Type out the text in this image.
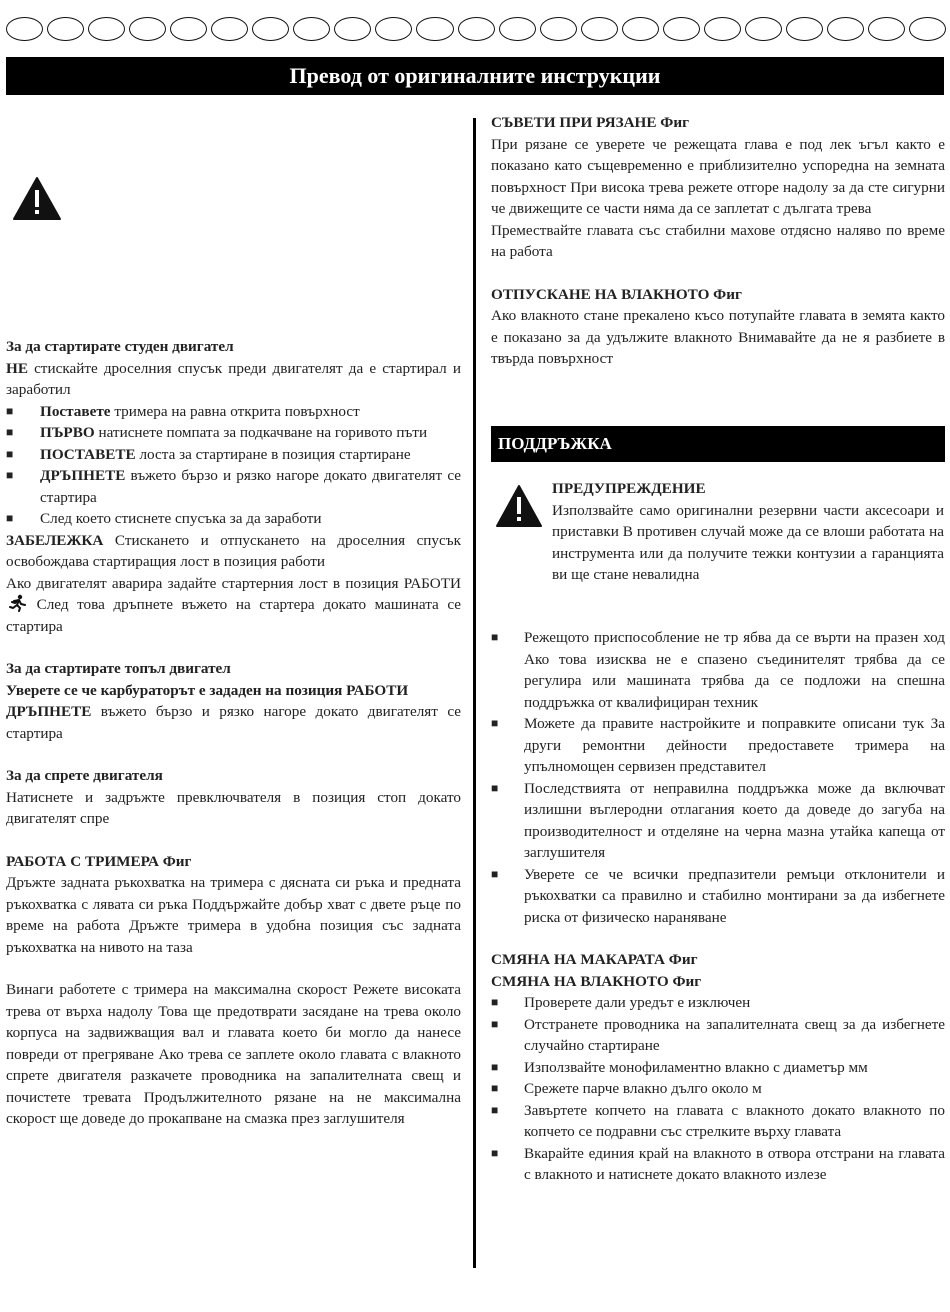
Превод от оригиналните инструкции

За да стартирате студен двигател

НЕ стискайте дроселния спусък преди двигателят да е стартирал и заработил

■ Поставете тримера на равна открита повърхност
■ ПЪРВО натиснете помпата за подкачване на горивото пъти
■ ПОСТАВЕТЕ лоста за стартиране в позиция стартиране
■ ДРЪПНЕТЕ въжето бързо и рязко нагоре докато двигателят се стартира
■ След което стиснете спусъка за да заработи

ЗАБЕЛЕЖКА Стискането и отпускането на дроселния спусък освобождава стартиращия лост в позиция работи

Ако двигателят аварира задайте стартерния лост в позиция РАБОТИ  След това дръпнете въжето на стартера докато машината се стартира

За да стартирате топъл двигател

Уверете се че карбураторът е зададен на позиция РАБОТИ

ДРЪПНЕТЕ въжето бързо и рязко нагоре докато двигателят се стартира

За да спрете двигателя

Натиснете и задръжте превключвателя в позиция стоп докато двигателят спре

РАБОТА С ТРИМЕРА Фиг

Дръжте задната ръкохватка на тримера с дясната си ръка и предната ръкохватка с лявата си ръка Поддържайте добър хват с двете ръце по време на работа Дръжте тримера в удобна позиция със задната ръкохватка на нивото на таза

Винаги работете с тримера на максимална скорост Режете високата трева от върха надолу Това ще предотврати засядане на трева около корпуса на задвижващия вал и главата което би могло да нанесе повреди от прегряване Ако трева се заплете около главата с влакното спрете двигателя разкачете проводника на запалителната свещ и почистете тревата Продължителното рязане на не максимална скорост ще доведе до прокапване на смазка през заглушителя

СЪВЕТИ ПРИ РЯЗАНЕ Фиг

При рязане се уверете че режещата глава е под лек ъгъл както е показано като същевременно е приблизително успоредна на земната повърхност При висока трева режете отгоре надолу за да сте сигурни че движещите се части няма да се заплетат с дългата трева

Премествайте главата със стабилни махове отдясно наляво по време на работа

ОТПУСКАНЕ НА ВЛАКНОТО Фиг

Ако влакното стане прекалено късо потупайте главата в земята както е показано за да удължите влакното Внимавайте да не я разбиете в твърда повърхност

ПОДДРЪЖКА

ПРЕДУПРЕЖДЕНИЕ

Използвайте само оригинални резервни части аксесоари и приставки В противен случай може да се влоши работата на инструмента или да получите тежки контузии а гаранцията ви ще стане невалидна

■ Режещото приспособление не тр ябва да се върти на празен ход Ако това изисква не е спазено съединителят трябва да се регулира или машината трябва да се подложи на спешна поддръжка от квалифициран техник
■ Можете да правите настройките и поправките описани тук За други ремонтни дейности предоставете тримера на упълномощен сервизен представител
■ Последствията от неправилна поддръжка може да включват излишни въглеродни отлагания което да доведе до загуба на производителност и отделяне на черна мазна утайка капеща от заглушителя
■ Уверете се че всички предпазители ремъци отклонители и ръкохватки са правилно и стабилно монтирани за да избегнете риска от физическо нараняване

СМЯНА НА МАКАРАТА Фиг

СМЯНА НА ВЛАКНОТО Фиг

■ Проверете дали уредът е изключен
■ Отстранете проводника на запалителната свещ за да избегнете случайно стартиране
■ Използвайте монофиламентно влакно с диаметър мм
■ Срежете парче влакно дълго около м
■ Завъртете копчето на главата с влакното докато влакното по копчето се подравни със стрелките върху главата
■ Вкарайте единия край на влакното в отвора отстрани на главата с влакното и натиснете докато влакното излезе
